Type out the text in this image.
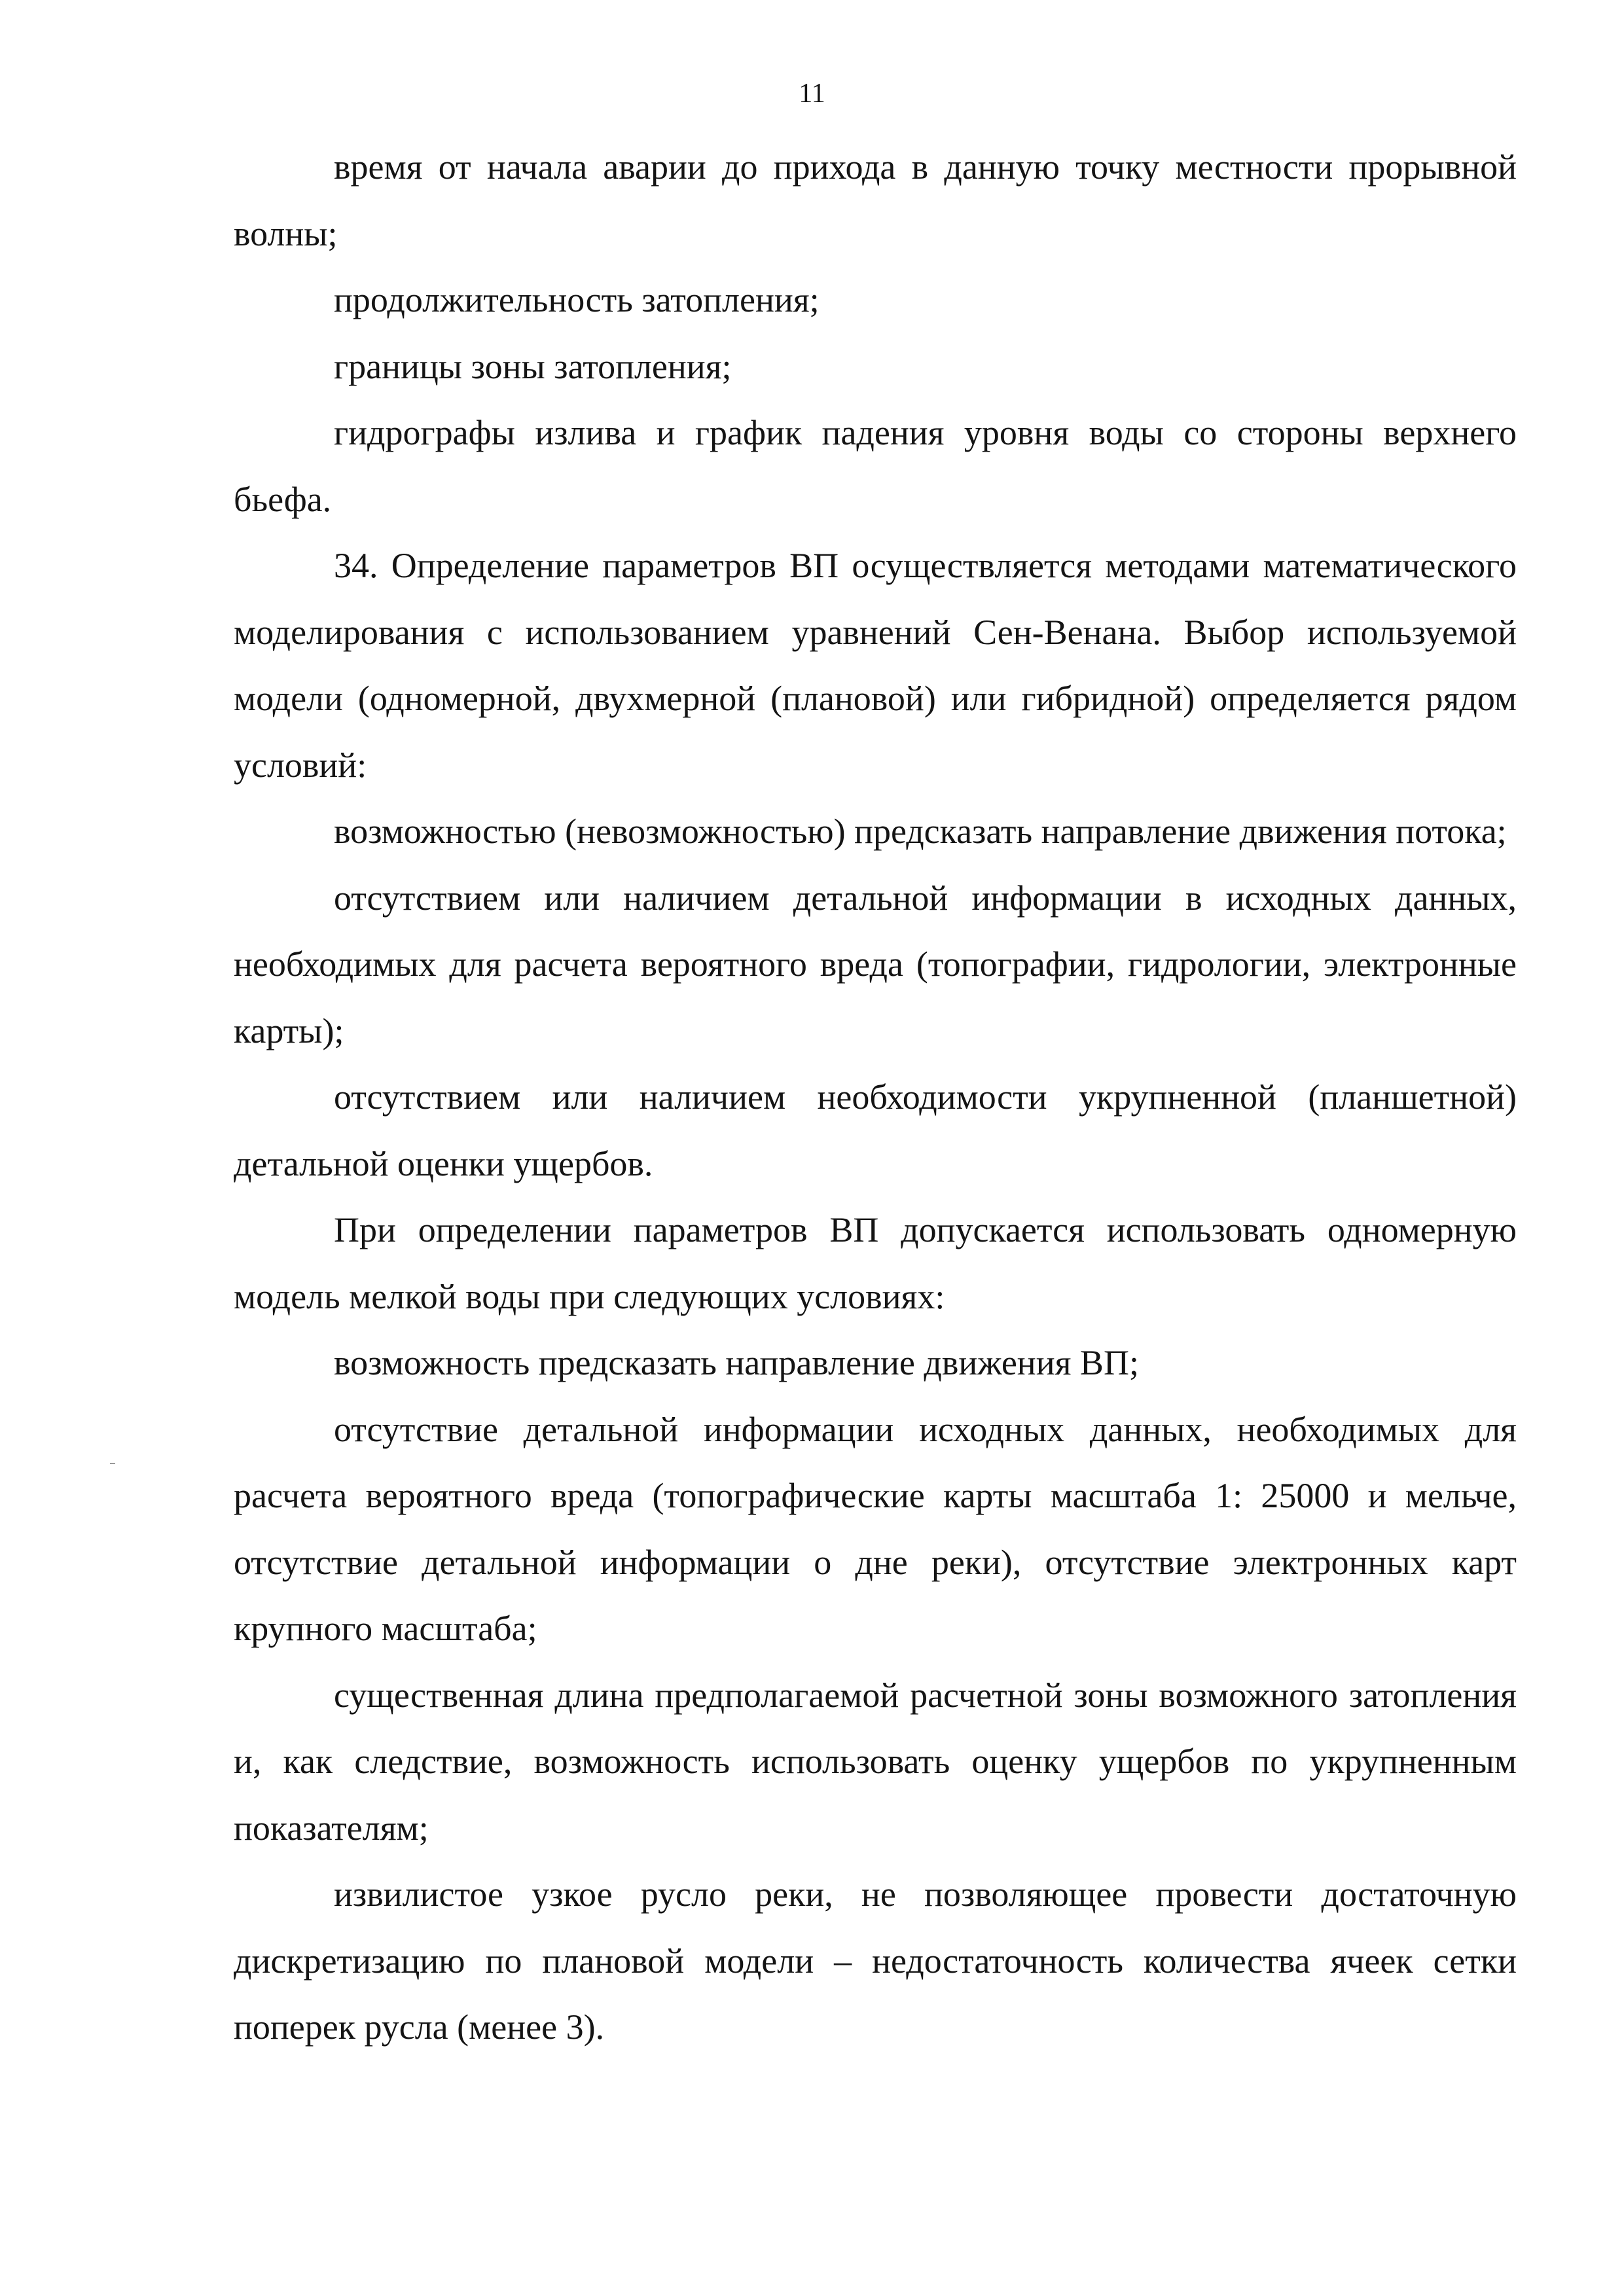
11

время от начала аварии до прихода в данную точку местности прорывной волны;

продолжительность затопления;

границы зоны затопления;

гидрографы излива и график падения уровня воды со стороны верхнего бьефа.

34. Определение параметров ВП осуществляется методами математического моделирования с использованием уравнений Сен-Венана. Выбор используемой модели (одномерной, двухмерной (плановой) или гибридной) определяется рядом условий:

возможностью (невозможностью) предсказать направление движения потока;

отсутствием или наличием детальной информации в исходных данных, необходимых для расчета вероятного вреда (топографии, гидрологии, электронные карты);

отсутствием или наличием необходимости укрупненной (планшетной) детальной оценки ущербов.

При определении параметров ВП допускается использовать одномерную модель мелкой воды при следующих условиях:

возможность предсказать направление движения ВП;

отсутствие детальной информации исходных данных, необходимых для расчета вероятного вреда (топографические карты масштаба 1: 25000 и мельче, отсутствие детальной информации о дне реки), отсутствие электронных карт крупного масштаба;

существенная длина предполагаемой расчетной зоны возможного затопления и, как следствие, возможность использовать оценку ущербов по укрупненным показателям;

извилистое узкое русло реки, не позволяющее провести достаточную дискретизацию по плановой модели – недостаточность количества ячеек сетки поперек русла (менее 3).
